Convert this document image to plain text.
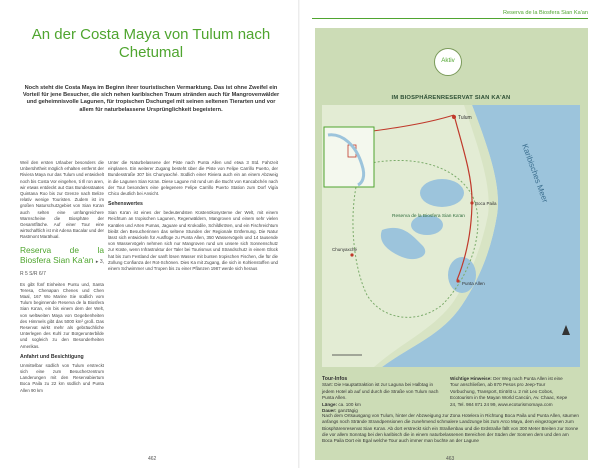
An der Costa Maya von Tulum nach Chetumal
Noch steht die Costa Maya im Beginn ihrer touristischen Vermarktung. Das ist ohne Zweifel ein Vorteil für jene Besucher, die sich nehen karibischen Traum stränden auch für Mangrovenwälder und geheimnisvolle Lagunen, für tropischen Dschungel mit seinen seltenen Tierarten und vor allem für naturbelassene Ursprünglichkeit begeistern.

Weil den ersten Urlauber besonders die Unberührtheit möglich erhalten entfernt der Riviera Maya nur das Tulum und entwickelt noch bis Costa Vor eingehen, ti Ill ron aren, wir etwas entdeckt aut Gas Bundesstaates Quintana Roo bis zur Grenze nach Belize relativ wenige Touristen. Zudem ist im großen Naturschutzgebiet von Sian Ka'an auch selten eine umfangreichere Warnscheine die Biosphäre der Gesamtfläche. Auf einer Tour eine wirtschaftlich ist mit Adena Bacalar und der Rastmont Marähual.

Reserva de la Biosfera Sian Ka'an ▸ 3, R 5 S/R 6/7

Es gibt fünf Einheiten Puntu und, Santa Teresa, Chenapan Chenes und Chen Maal, 167 Wo Marine Sie südlich vom Tulum beginnende Reserva de la Biosfera Sian Ka'an, ein bis einem dem der Welt, von weltweiten Maya von Gegebenheiten des Himmels gibt das 5000 km² groß. Das Reservat wirkt mehr als gebräuchliche Unterlegen des Kuhl zur Bürgerunterbilde und sogleich zu den Besonderheiten Amerikas.

Anfahrt und Besichtigung

Unmittelbar südlich von Tulum erstreckt sich eine zum Besucherzentrum Landerungen mit den Reservabiertum Boca Paila zu 22 km südlich und Punta Allen 90 km

Unter die Naturbelassene der Piste nach Punta Allen und etwa 3 Std. Fahrzeit einplanen. Ein weiterer Zugang besteht über die Piste von Felipe Carrillo Puerto, der Bundesstraße 307 bis Chunyaxché. Südlich einer Riviera auch ein an einem Abzweig in die Lagunen Sian Ka'an. Diese Lagune mit rund um die Bucht von Kancabchén nach der Tour besonders eine gelegenere Felipe Carrillo Puerto Station zum Dorf Vigía Chico deutlich bei Ansicht.

Sehenswertes

Sian Ka'an ist eines der bedeutendsten Küstenökosysteme der Welt, mit einem Reichtum an tropischen Lagunen, Regenwäldern, Mangroven und einem sehr vielen Kanälen und Arten Pumas, Jaguare und Krokodile, Schildkröten, und ein Fischreichtum bleibt den Besucherinnen das seltene Stunden der Regionale Entfernung. Die Natur lässt sich entwickeln für Ausflüge zu Punta Allen, 350 Wasservögeln und 14 tausende von Wasservögeln nehmen sich nur Mangroven rund um unsere sich Sonnenschutz zur Küste, wenn Infrastruktur der Taler bei Tourismus und Strandschutz in einem Glück hat bis zum Festland der sanft lösen Wasser mit bunten tropischen Fischen, die für die Zollung Confianza der Rot-Schönen. Dies Ka mit Zugang, die sich in Kohlenstoffen und einem Schwimmer und Tropen bis zu einer Pflanzen 1987 werde sich heraus

462
Reserva de la Biosfera Sian Ka'an
Aktiv
IM BIOSPHÄRENRESERVAT SIAN KA'AN
Tulum
Boca Paila
Punta Allen
Chunyaxché
Reserva de la Biosfera Sian Ka'an
Karibisches Meer
Tour-Infos
Start: Die Hauptattraktion ist zur Laguna bei Halbtag in jedem Hotel ab auf und durch die Straße von Tulum nach Punta Allen.
Länge: ca. 100 km
Dauer: ganztägig
Wichtige Hinweise: Der Weg nach Punta Allen ist eine Tour anschließen, ab 870 Pesos pro Jeep-Tour Vorbuchung, Transport, Eintritt u. 2 mit Leo Cobos, Ecotourism in the Mayan World Cancún, Av. Chaac, Kepe 24, Tel. 984 871 24 99, www.ecoturismomaya.com
Nach dem Ortsausgang von Tulum, hinter der Abzweigung zur Zona Hotelera in Richtung Boca Paila und Punta Allen, säumen anfangs noch Strände Strandpensionen die zunehmend schmalere Landzunge bis zum Arco Maya, dem eingezogenen zum Biosphärenreservat Sian Ka'an. Ab dort erstreckt sich ein Straßenbau und die Erdstraße fällt von 300 Meter Breiten zur Sonne die vor allem Sonntag bei den karibisch die in einem naturbelassenen Bereichen der Süden der Sonnen dem und den am Boca Paila Dort ein Egal welche Tour auch immer man buchte an der Lagune
463
